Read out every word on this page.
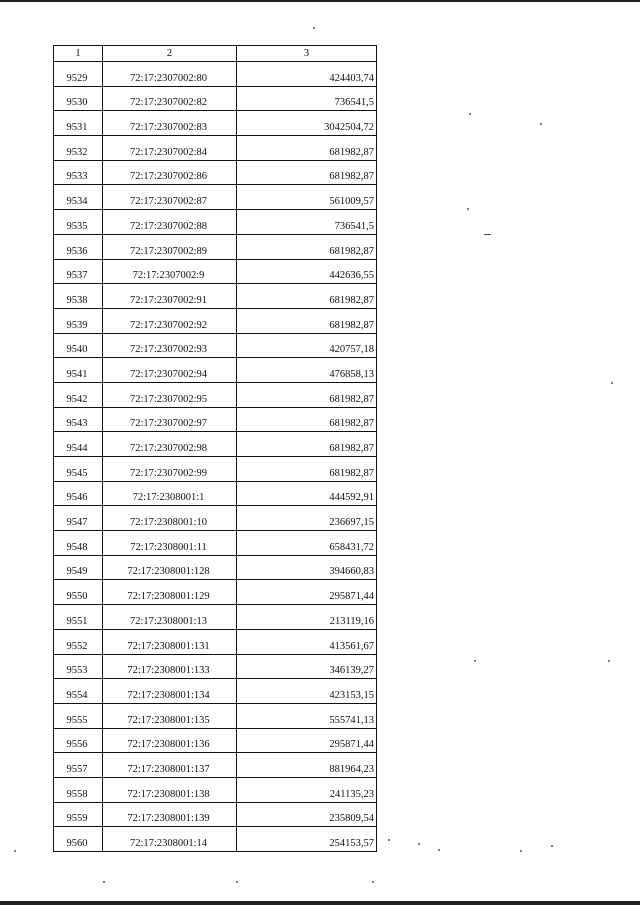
1	2	3
9529	72:17:2307002:80	424403,74
9530	72:17:2307002:82	736541,5
9531	72:17:2307002:83	3042504,72
9532	72:17:2307002:84	681982,87
9533	72:17:2307002:86	681982,87
9534	72:17:2307002:87	561009,57
9535	72:17:2307002:88	736541,5
9536	72:17:2307002:89	681982,87
9537	72:17:2307002:9	442636,55
9538	72:17:2307002:91	681982,87
9539	72:17:2307002:92	681982,87
9540	72:17:2307002:93	420757,18
9541	72:17:2307002:94	476858,13
9542	72:17:2307002:95	681982,87
9543	72:17:2307002:97	681982,87
9544	72:17:2307002:98	681982,87
9545	72:17:2307002:99	681982,87
9546	72:17:2308001:1	444592,91
9547	72:17:2308001:10	236697,15
9548	72:17:2308001:11	658431,72
9549	72:17:2308001:128	394660,83
9550	72:17:2308001:129	295871,44
9551	72:17:2308001:13	213119,16
9552	72:17:2308001:131	413561,67
9553	72:17:2308001:133	346139,27
9554	72:17:2308001:134	423153,15
9555	72:17:2308001:135	555741,13
9556	72:17:2308001:136	295871,44
9557	72:17:2308001:137	881964,23
9558	72:17:2308001:138	241135,23
9559	72:17:2308001:139	235809,54
9560	72:17:2308001:14	254153,57
